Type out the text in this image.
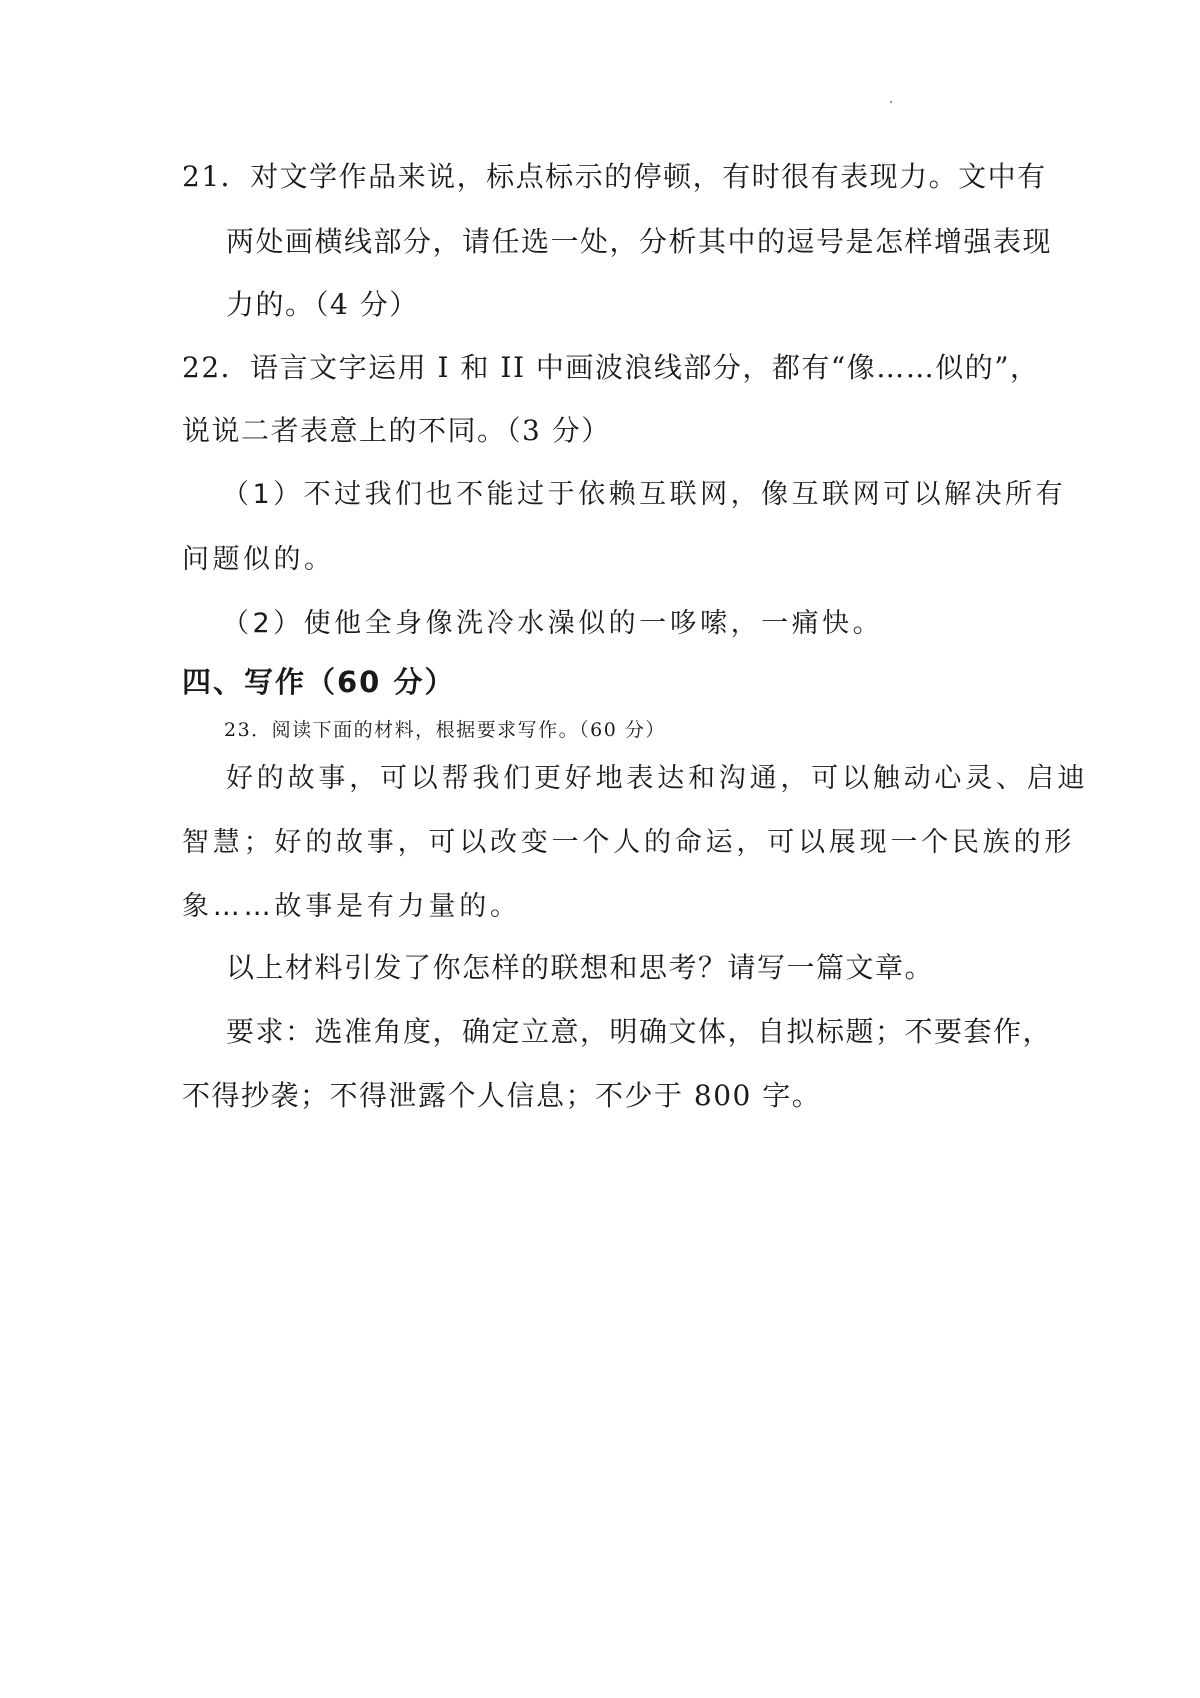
21．对文学作品来说，标点标示的停顿，有时很有表现力。文中有

两处画横线部分，请任选一处，分析其中的逗号是怎样增强表现

力的。（4 分）

22．语言文字运用 I 和 II 中画波浪线部分，都有“像……似的”，

说说二者表意上的不同。（3 分）

（1）不过我们也不能过于依赖互联网，像互联网可以解决所有

问题似的。

（2）使他全身像洗冷水澡似的一哆嗦，一痛快。

四、写作（60 分）

23．阅读下面的材料，根据要求写作。（60 分）

好的故事，可以帮我们更好地表达和沟通，可以触动心灵、启迪

智慧；好的故事，可以改变一个人的命运，可以展现一个民族的形

象……故事是有力量的。

以上材料引发了你怎样的联想和思考？请写一篇文章。

要求：选准角度，确定立意，明确文体，自拟标题；不要套作，

不得抄袭；不得泄露个人信息；不少于 800 字。
